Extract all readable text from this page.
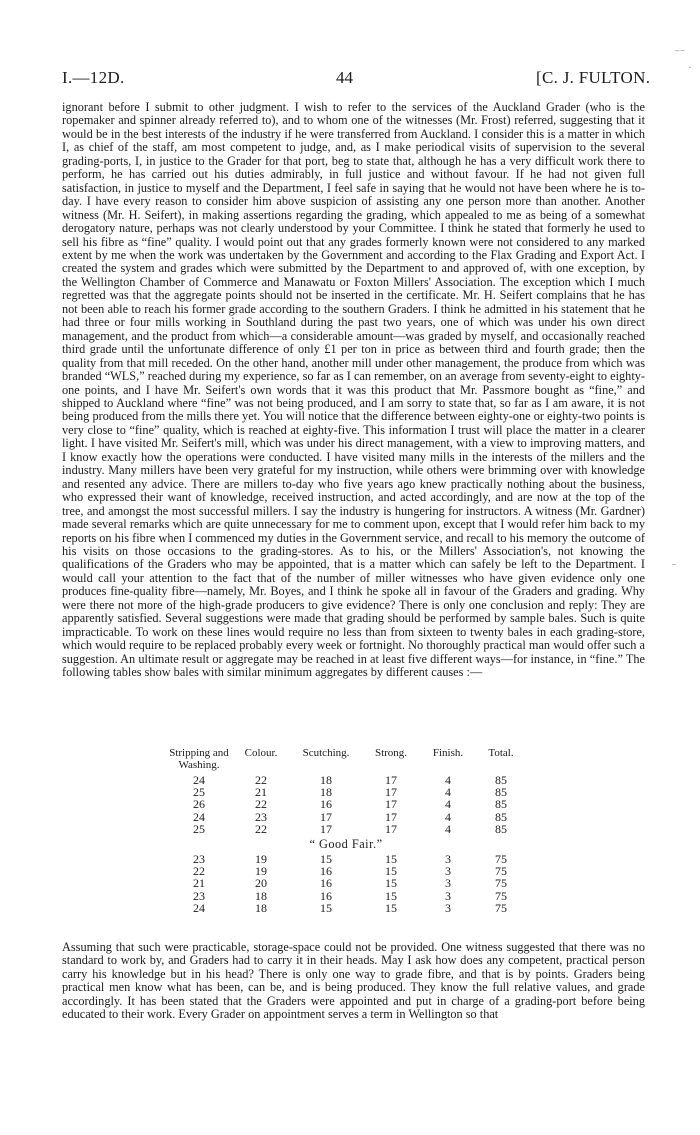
I.—12D.	44	[C. J. FULTON.
⁻ˉ
·
ˉ

ignorant before I submit to other judgment. I wish to refer to the services of the Auckland Grader (who is the ropemaker and spinner already referred to), and to whom one of the witnesses (Mr. Frost) referred, suggesting that it would be in the best interests of the industry if he were transferred from Auckland. I consider this is a matter in which I, as chief of the staff, am most competent to judge, and, as I make periodical visits of supervision to the several grading-ports, I, in justice to the Grader for that port, beg to state that, although he has a very difficult work there to perform, he has carried out his duties admirably, in full justice and without favour. If he had not given full satisfaction, in justice to myself and the Department, I feel safe in saying that he would not have been where he is to-day. I have every reason to consider him above suspicion of assisting any one person more than another. Another witness (Mr. H. Seifert), in making assertions regarding the grading, which appealed to me as being of a somewhat derogatory nature, perhaps was not clearly understood by your Committee. I think he stated that formerly he used to sell his fibre as “fine” quality. I would point out that any grades formerly known were not considered to any marked extent by me when the work was undertaken by the Government and according to the Flax Grading and Export Act. I created the system and grades which were submitted by the Department to and approved of, with one exception, by the Wellington Chamber of Commerce and Manawatu or Foxton Millers' Association. The exception which I much regretted was that the aggregate points should not be inserted in the certificate. Mr. H. Seifert complains that he has not been able to reach his former grade according to the southern Graders. I think he admitted in his statement that he had three or four mills working in Southland during the past two years, one of which was under his own direct management, and the product from which—a considerable amount—was graded by myself, and occasionally reached third grade until the unfortunate difference of only £1 per ton in price as between third and fourth grade; then the quality from that mill receded. On the other hand, another mill under other management, the produce from which was branded “WLS,” reached during my experience, so far as I can remember, on an average from seventy-eight to eighty-one points, and I have Mr. Seifert's own words that it was this product that Mr. Passmore bought as “fine,” and shipped to Auckland where “fine” was not being produced, and I am sorry to state that, so far as I am aware, it is not being produced from the mills there yet. You will notice that the difference between eighty-one or eighty-two points is very close to “fine” quality, which is reached at eighty-five. This information I trust will place the matter in a clearer light. I have visited Mr. Seifert's mill, which was under his direct management, with a view to improving matters, and I know exactly how the operations were conducted. I have visited many mills in the interests of the millers and the industry. Many millers have been very grateful for my instruction, while others were brimming over with knowledge and resented any advice. There are millers to-day who five years ago knew practically nothing about the business, who expressed their want of knowledge, received instruction, and acted accordingly, and are now at the top of the tree, and amongst the most successful millers. I say the industry is hungering for instructors. A witness (Mr. Gardner) made several remarks which are quite unnecessary for me to comment upon, except that I would refer him back to my reports on his fibre when I commenced my duties in the Government service, and recall to his memory the outcome of his visits on those occasions to the grading-stores. As to his, or the Millers' Association's, not knowing the qualifications of the Graders who may be appointed, that is a matter which can safely be left to the Department. I would call your attention to the fact that of the number of miller witnesses who have given evidence only one produces fine-quality fibre—namely, Mr. Boyes, and I think he spoke all in favour of the Graders and grading. Why were there not more of the high-grade producers to give evidence? There is only one conclusion and reply: They are apparently satisfied. Several suggestions were made that grading should be performed by sample bales. Such is quite impracticable. To work on these lines would require no less than from sixteen to twenty bales in each grading-store, which would require to be replaced probably every week or fortnight. No thoroughly practical man would offer such a suggestion. An ultimate result or aggregate may be reached in at least five different ways—for instance, in “fine.” The following tables show bales with similar minimum aggregates by different causes :—

Stripping and Washing.	Colour.	Scutching.	Strong.	Finish.	Total.
24	22	18	17	4	85
25	21	18	17	4	85
26	22	16	17	4	85
24	23	17	17	4	85
25	22	17	17	4	85
“ Good Fair.”
23	19	15	15	3	75
22	19	16	15	3	75
21	20	16	15	3	75
23	18	16	15	3	75
24	18	15	15	3	75

Assuming that such were practicable, storage-space could not be provided. One witness suggested that there was no standard to work by, and Graders had to carry it in their heads. May I ask how does any competent, practical person carry his knowledge but in his head? There is only one way to grade fibre, and that is by points. Graders being practical men know what has been, can be, and is being produced. They know the full relative values, and grade accordingly. It has been stated that the Graders were appointed and put in charge of a grading-port before being educated to their work. Every Grader on appointment serves a term in Wellington so that
